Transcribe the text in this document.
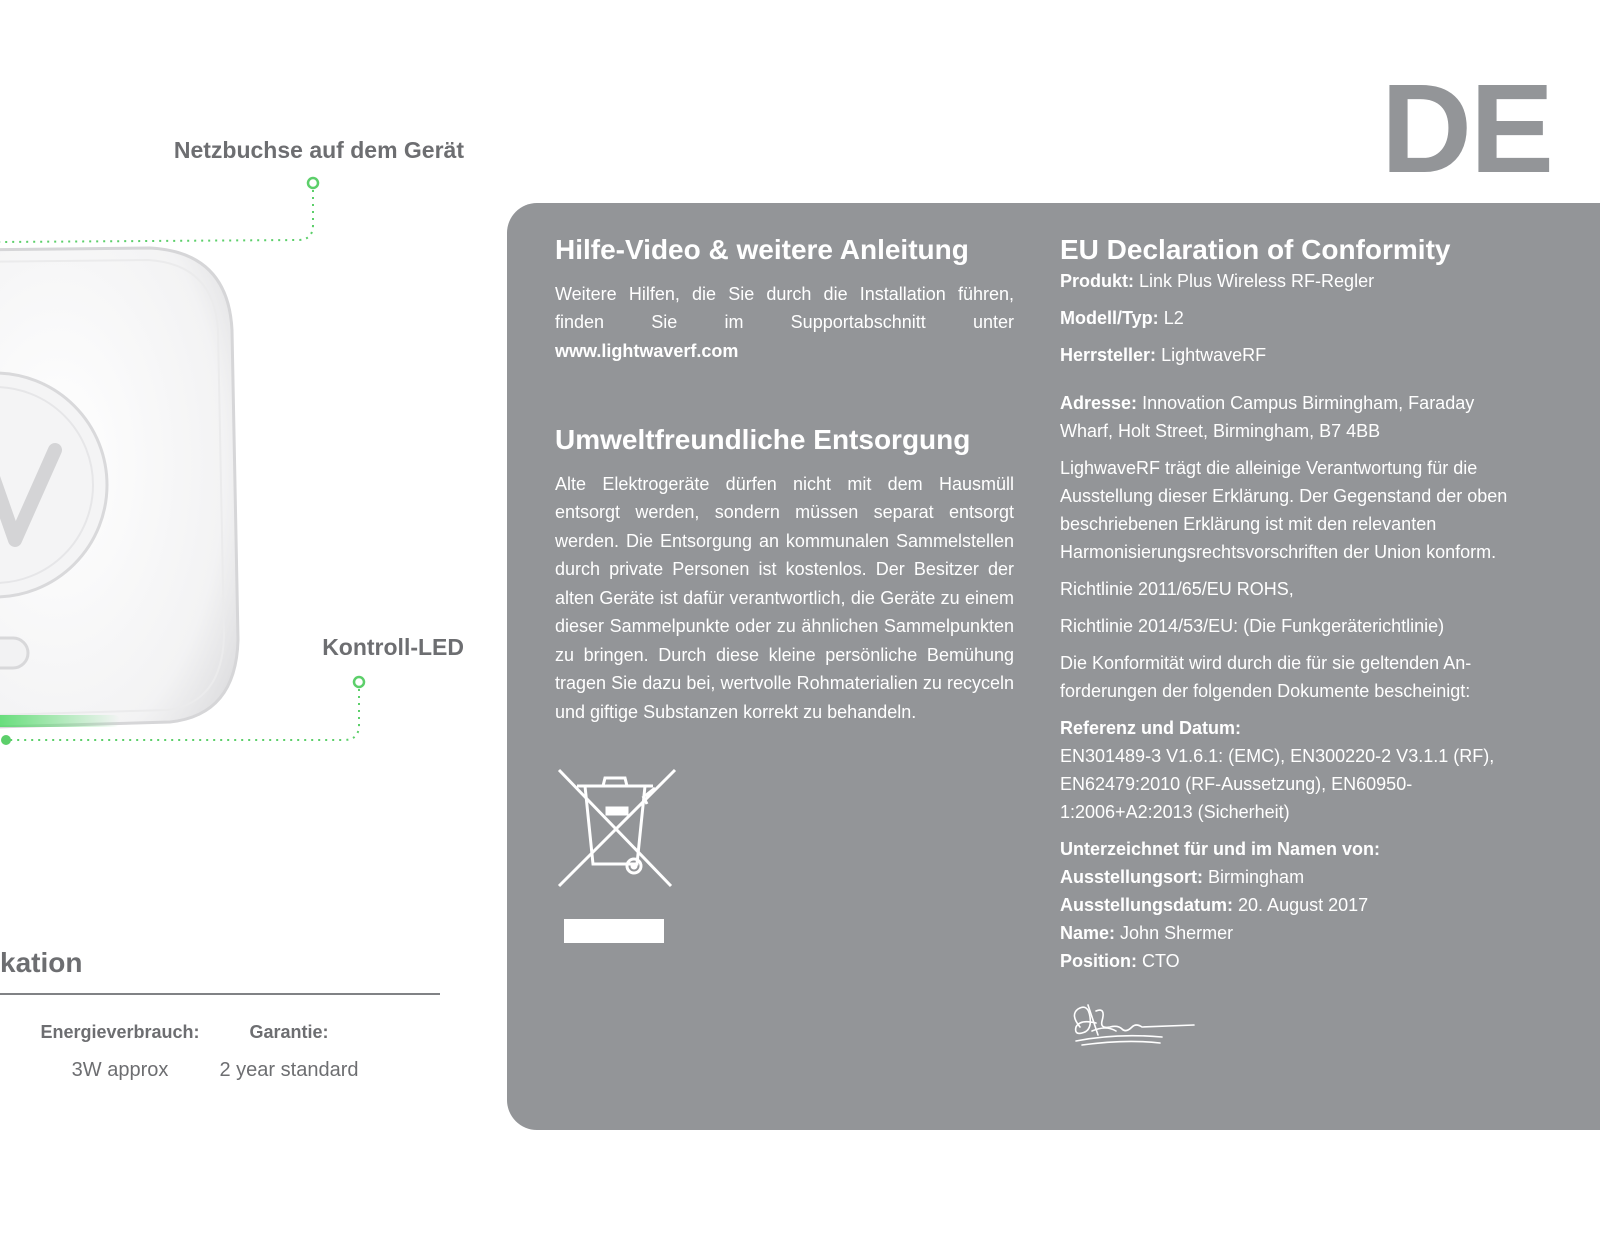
DE
Netzbuchse auf dem Gerät
Kontroll-LED
kation
Energieverbrauch:
3W approx
Garantie:
2 year standard
Hilfe-Video & weitere Anleitung

Weitere Hilfen, die Sie durch die Installation führen, finden Sie im Supportabschnitt unter www.lightwaverf.com

Umweltfreundliche Entsorgung

Alte Elektrogeräte dürfen nicht mit dem Hausmüll entsorgt werden, sondern müssen separat entsorgt werden. Die Entsorgung an kommunalen Sammelstellen durch private Personen ist kostenlos. Der Besitzer der alten Geräte ist dafür verantwortlich, die Geräte zu einem dieser Sammelpunkte oder zu ähnlichen Sammelpunkten zu bringen. Durch diese kleine persönliche Bemühung tragen Sie dazu bei, wertvolle Rohmaterialien zu recyceln und giftige Substanzen korrekt zu behandeln.

EU Declaration of Conformity

Produkt: Link Plus Wireless RF-Regler

Modell/Typ: L2

Herrsteller: LightwaveRF

Adresse: Innovation Campus Birmingham, Faraday Wharf, Holt Street, Birmingham, B7 4BB

LighwaveRF trägt die alleinige Verantwortung für die Ausstellung dieser Erklärung. Der Gegenstand der oben beschriebenen Erklärung ist mit den relevanten Harmonisierungsrechtsvorschriften der Union konform.

Richtlinie 2011/65/EU ROHS,

Richtlinie 2014/53/EU: (Die Funkgeräterichtlinie)

Die Konformität wird durch die für sie geltenden An-forderungen der folgenden Dokumente bescheinigt:

Referenz und Datum:

EN301489-3 V1.6.1: (EMC), EN300220-2 V3.1.1 (RF), EN62479:2010 (RF-Aussetzung), EN60950-1:2006+A2:2013 (Sicherheit)

Unterzeichnet für und im Namen von:

Ausstellungsort: Birmingham

Ausstellungsdatum: 20. August 2017

Name: John Shermer

Position: CTO
